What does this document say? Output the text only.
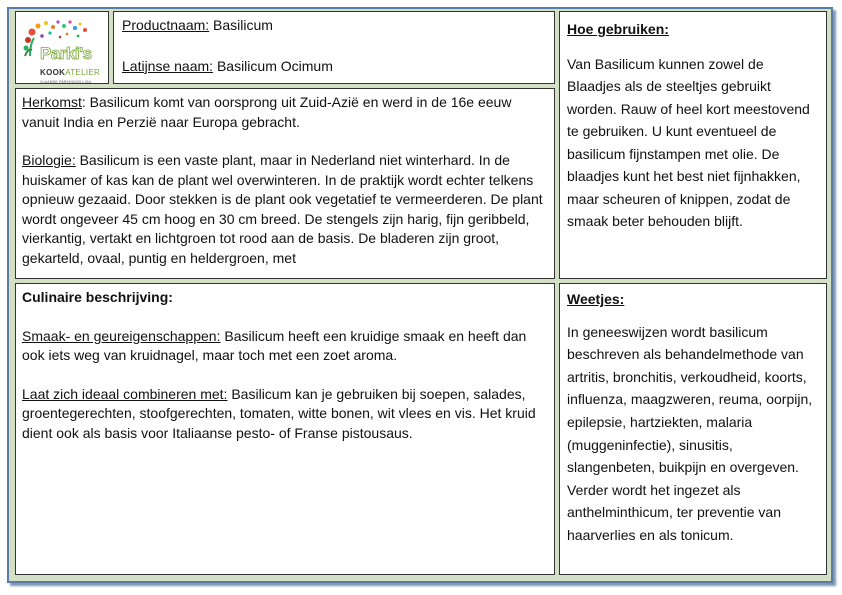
Parki's
KOOKATELIER
VLAAMSE PARKINSON LIGA

Productnaam: Basilicum

Latijnse naam: Basilicum Ocimum

Herkomst: Basilicum komt van oorsprong uit Zuid-Azië en werd in de 16e eeuw vanuit India en Perzië naar Europa gebracht.

Biologie: Basilicum is een vaste plant, maar in Nederland niet winterhard. In de huiskamer of kas kan de plant wel overwinteren. In de praktijk wordt echter telkens opnieuw gezaaid. Door stekken is de plant ook vegetatief te vermeerderen. De plant wordt ongeveer 45 cm hoog en 30 cm breed. De stengels zijn harig, fijn geribbeld, vierkantig, vertakt en lichtgroen tot rood aan de basis. De bladeren zijn groot, gekarteld, ovaal, puntig en heldergroen, met

Hoe gebruiken:

Van Basilicum kunnen zowel de Blaadjes als de steeltjes gebruikt worden. Rauw of heel kort meestovend te gebruiken. U kunt eventueel de basilicum fijnstampen met olie. De blaadjes kunt het best niet fijnhakken, maar scheuren of knippen, zodat de smaak beter behouden blijft.

Culinaire beschrijving:

Smaak- en geureigenschappen: Basilicum heeft een kruidige smaak en heeft dan ook iets weg van kruidnagel, maar toch met een zoet aroma.

Laat zich ideaal combineren met: Basilicum kan je gebruiken bij soepen, salades, groentegerechten, stoofgerechten, tomaten, witte bonen, wit vlees en vis. Het kruid dient ook als basis voor Italiaanse pesto- of Franse pistousaus.

Weetjes:

In geneeswijzen wordt basilicum beschreven als behandelmethode van artritis, bronchitis, verkoudheid, koorts, influenza, maagzweren, reuma, oorpijn, epilepsie, hartziekten, malaria (muggeninfectie), sinusitis, slangenbeten, buikpijn en overgeven. Verder wordt het ingezet als anthelminthicum, ter preventie van haarverlies en als tonicum.
